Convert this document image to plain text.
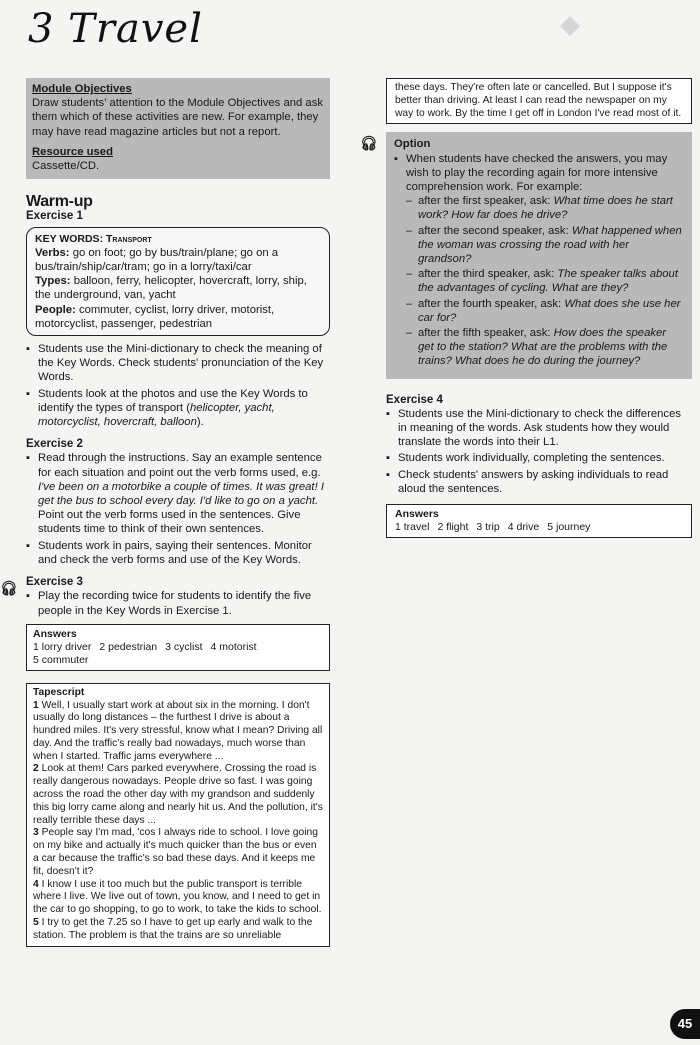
◆
3 Travel
Module Objectives
Draw students' attention to the Module Objectives and ask them which of these activities are new. For example, they may have read magazine articles but not a report.
Resource used
Cassette/CD.
Warm-up
Exercise 1
KEY WORDS: Transport
Verbs: go on foot; go by bus/train/plane; go on a bus/train/ship/car/tram; go in a lorry/taxi/car
Types: balloon, ferry, helicopter, hovercraft, lorry, ship, the underground, van, yacht
People: commuter, cyclist, lorry driver, motorist, motorcyclist, passenger, pedestrian
▪ Students use the Mini-dictionary to check the meaning of the Key Words. Check students' pronunciation of the Key Words.
▪ Students look at the photos and use the Key Words to identify the types of transport (helicopter, yacht, motorcyclist, hovercraft, balloon).
Exercise 2
▪ Read through the instructions. Say an example sentence for each situation and point out the verb forms used, e.g. I've been on a motorbike a couple of times. It was great! I get the bus to school every day. I'd like to go on a yacht. Point out the verb forms used in the sentences. Give students time to think of their own sentences.
▪ Students work in pairs, saying their sentences. Monitor and check the verb forms and use of the Key Words.
🎧︎ Exercise 3
▪ Play the recording twice for students to identify the five people in the Key Words in Exercise 1.
Answers
1 lorry driver 2 pedestrian 3 cyclist 4 motorist
5 commuter
Tapescript
1 Well, I usually start work at about six in the morning. I don't usually do long distances – the furthest I drive is about a hundred miles. It's very stressful, know what I mean? Driving all day. And the traffic's really bad nowadays, much worse than when I started. Traffic jams everywhere ...
2 Look at them! Cars parked everywhere. Crossing the road is really dangerous nowadays. People drive so fast. I was going across the road the other day with my grandson and suddenly this big lorry came along and nearly hit us. And the pollution, it's really terrible these days ...
3 People say I'm mad, 'cos I always ride to school. I love going on my bike and actually it's much quicker than the bus or even a car because the traffic's so bad these days. And it keeps me fit, doesn't it?
4 I know I use it too much but the public transport is terrible where I live. We live out of town, you know, and I need to get in the car to go shopping, to go to work, to take the kids to school.
5 I try to get the 7.25 so I have to get up early and walk to the station. The problem is that the trains are so unreliable
these days. They're often late or cancelled. But I suppose it's better than driving. At least I can read the newspaper on my way to work. By the time I get off in London I've read most of it.
🎧︎ Option
▪ When students have checked the answers, you may wish to play the recording again for more intensive comprehension work. For example:
– after the first speaker, ask: What time does he start work? How far does he drive?
– after the second speaker, ask: What happened when the woman was crossing the road with her grandson?
– after the third speaker, ask: The speaker talks about the advantages of cycling. What are they?
– after the fourth speaker, ask: What does she use her car for?
– after the fifth speaker, ask: How does the speaker get to the station? What are the problems with the trains? What does he do during the journey?
Exercise 4
▪ Students use the Mini-dictionary to check the differences in meaning of the words. Ask students how they would translate the words into their L1.
▪ Students work individually, completing the sentences.
▪ Check students' answers by asking individuals to read aloud the sentences.
Answers
1 travel 2 flight 3 trip 4 drive 5 journey
45
